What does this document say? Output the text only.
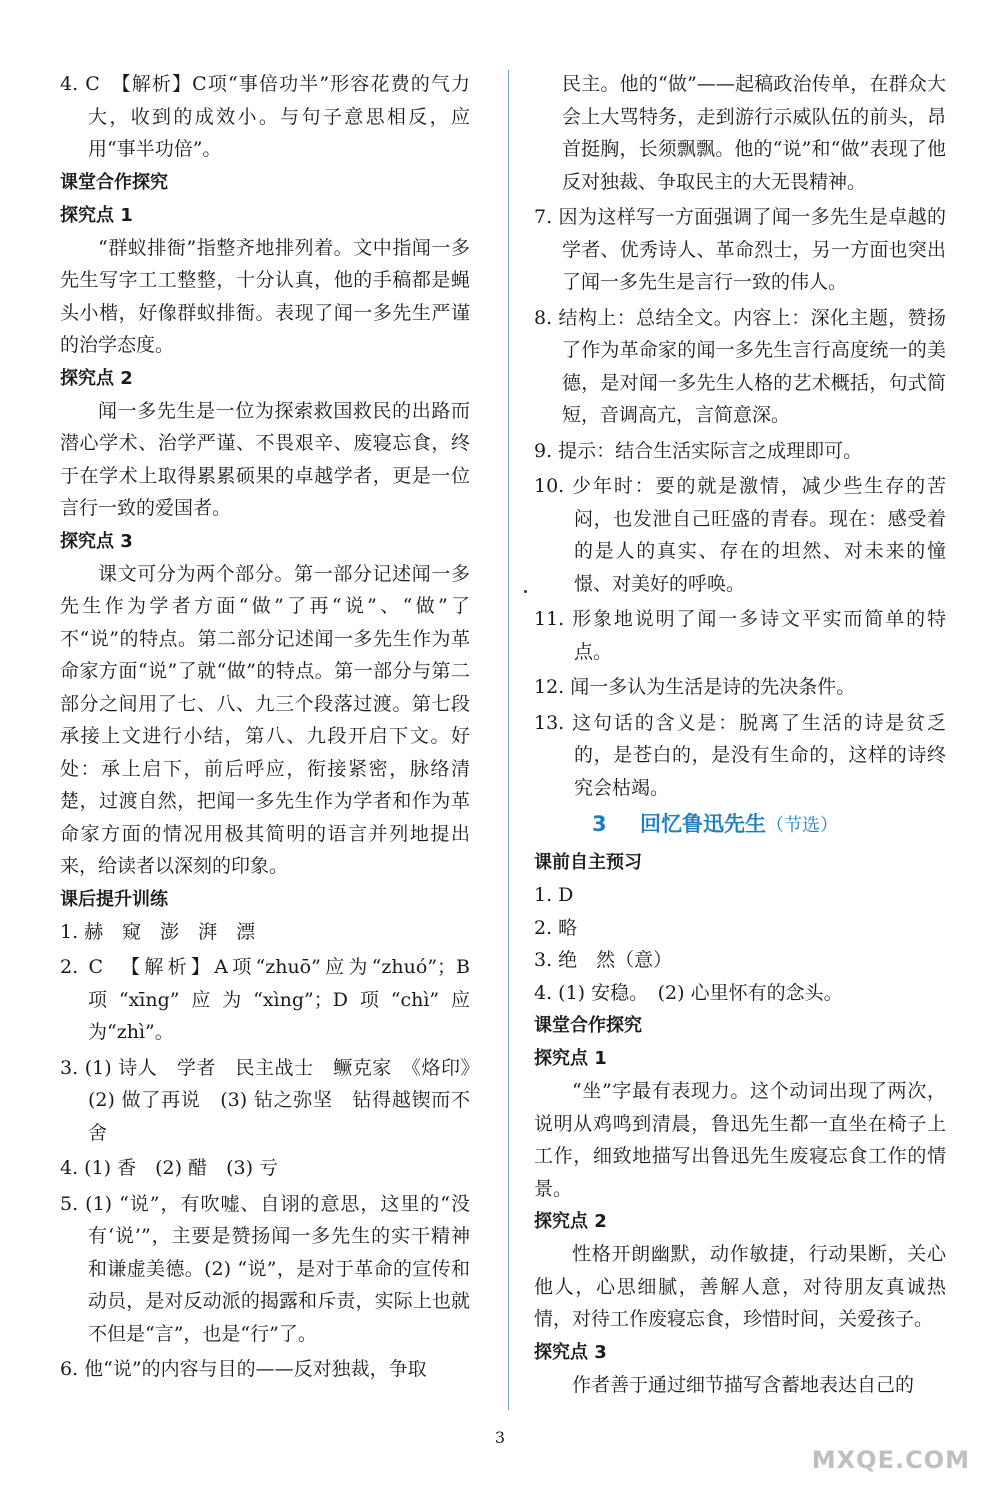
4. C　【解析】C项“事倍功半”形容花费的气力大，收到的成效小。与句子意思相反，应用“事半功倍”。

课堂合作探究

探究点 1

“群蚁排衙”指整齐地排列着。文中指闻一多先生写字工工整整，十分认真，他的手稿都是蝇头小楷，好像群蚁排衙。表现了闻一多先生严谨的治学态度。

探究点 2

闻一多先生是一位为探索救国救民的出路而潜心学术、治学严谨、不畏艰辛、废寝忘食，终于在学术上取得累累硕果的卓越学者，更是一位言行一致的爱国者。

探究点 3

课文可分为两个部分。第一部分记述闻一多先生作为学者方面“做”了再“说”、“做”了不“说”的特点。第二部分记述闻一多先生作为革命家方面“说”了就“做”的特点。第一部分与第二部分之间用了七、八、九三个段落过渡。第七段承接上文进行小结，第八、九段开启下文。好处：承上启下，前后呼应，衔接紧密，脉络清楚，过渡自然，把闻一多先生作为学者和作为革命家方面的情况用极其简明的语言并列地提出来，给读者以深刻的印象。

课后提升训练

1. 赫　窥　澎　湃　漂

2. C　【解析】A项“zhuō”应为“zhuó”；B项“xīng”应为“xìng”；D项“chì”应为“zhì”。

3. (1) 诗人　学者　民主战士　鳜克家　《烙印》　(2) 做了再说　(3) 钻之弥坚　钻得越锲而不舍

4. (1) 香　(2) 醋　(3) 亏

5. (1) “说”，有吹嘘、自诩的意思，这里的“没有‘说’”，主要是赞扬闻一多先生的实干精神和谦虚美德。(2) “说”，是对于革命的宣传和动员，是对反动派的揭露和斥责，实际上也就不但是“言”，也是“行”了。

6. 他“说”的内容与目的——反对独裁，争取

民主。他的“做”——起稿政治传单，在群众大会上大骂特务，走到游行示威队伍的前头，昂首挺胸，长须飘飘。他的“说”和“做”表现了他反对独裁、争取民主的大无畏精神。

7. 因为这样写一方面强调了闻一多先生是卓越的学者、优秀诗人、革命烈士，另一方面也突出了闻一多先生是言行一致的伟人。

8. 结构上：总结全文。内容上：深化主题，赞扬了作为革命家的闻一多先生言行高度统一的美德，是对闻一多先生人格的艺术概括，句式简短，音调高亢，言简意深。

9. 提示：结合生活实际言之成理即可。

10. 少年时：要的就是激情，减少些生存的苦闷，也发泄自己旺盛的青春。现在：感受着的是人的真实、存在的坦然、对未来的憧憬、对美好的呼唤。

11. 形象地说明了闻一多诗文平实而简单的特点。

12. 闻一多认为生活是诗的先决条件。

13. 这句话的含义是：脱离了生活的诗是贫乏的，是苍白的，是没有生命的，这样的诗终究会枯竭。

3 回忆鲁迅先生（节选）

课前自主预习

1. D

2. 略

3. 绝　然（意）

4. (1) 安稳。　(2) 心里怀有的念头。

课堂合作探究

探究点 1

“坐”字最有表现力。这个动词出现了两次，说明从鸡鸣到清晨，鲁迅先生都一直坐在椅子上工作，细致地描写出鲁迅先生废寝忘食工作的情景。

探究点 2

性格开朗幽默，动作敏捷，行动果断，关心他人，心思细腻，善解人意，对待朋友真诚热情，对待工作废寝忘食，珍惜时间，关爱孩子。

探究点 3

作者善于通过细节描写含蓄地表达自己的

3
MXQE.COM
